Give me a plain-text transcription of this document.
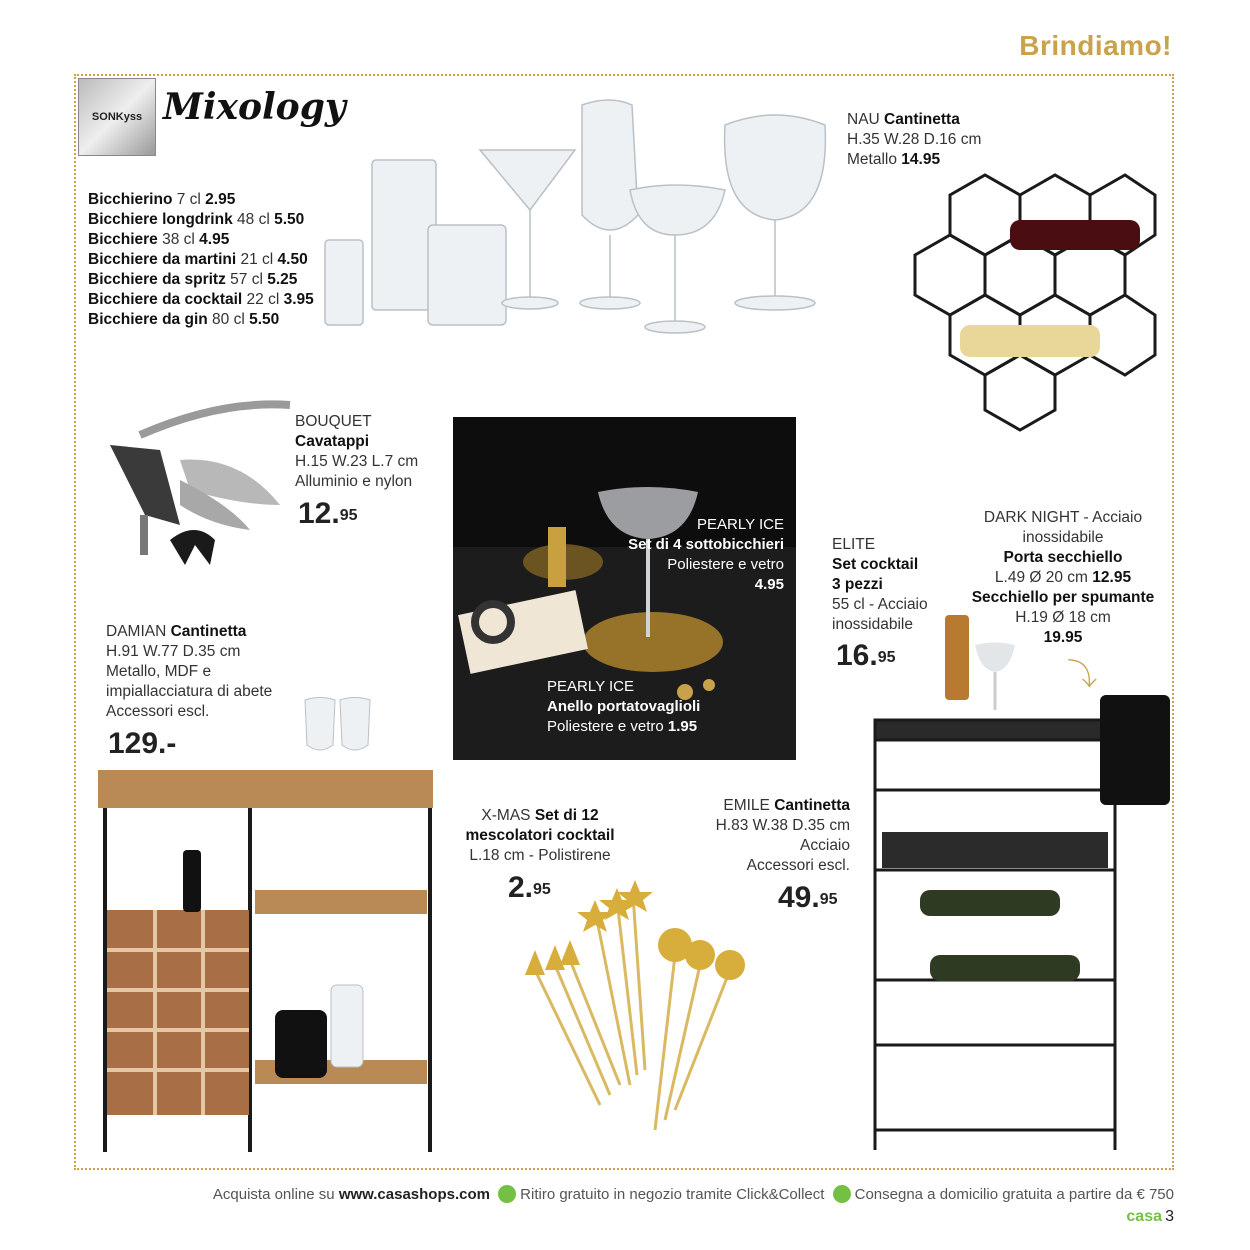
Brindiamo!
SONKyss Mixology
Bicchierino 7 cl 2.95
Bicchiere longdrink 48 cl 5.50
Bicchiere 38 cl 4.95
Bicchiere da martini 21 cl 4.50
Bicchiere da spritz 57 cl 5.25
Bicchiere da cocktail 22 cl 3.95
Bicchiere da gin 80 cl 5.50
NAU Cantinetta
H.35 W.28 D.16 cm
Metallo 14.95
BOUQUET
Cavatappi
H.15 W.23 L.7 cm
Alluminio e nylon
12.95
PEARLY ICE
Set di 4 sottobicchieri
Poliestere e vetro
4.95
PEARLY ICE
Anello portatovaglioli
Poliestere e vetro 1.95
ELITE
Set cocktail
3 pezzi
55 cl - Acciaio
inossidabile
16.95
DARK NIGHT - Acciaio
inossidabile
Porta secchiello
L.49 Ø 20 cm 12.95
Secchiello per spumante
H.19 Ø 18 cm
19.95
⤵
DAMIAN Cantinetta
H.91 W.77 D.35 cm
Metallo, MDF e
impiallacciatura di abete
Accessori escl.
129.-
X-MAS Set di 12
mescolatori cocktail
L.18 cm - Polistirene
2.95
EMILE Cantinetta
H.83 W.38 D.35 cm
Acciaio
Accessori escl.
49.95
Acquista online su www.casashops.com Ritiro gratuito in negozio tramite Click&Collect Consegna a domicilio gratuita a partire da € 750
casa 3
